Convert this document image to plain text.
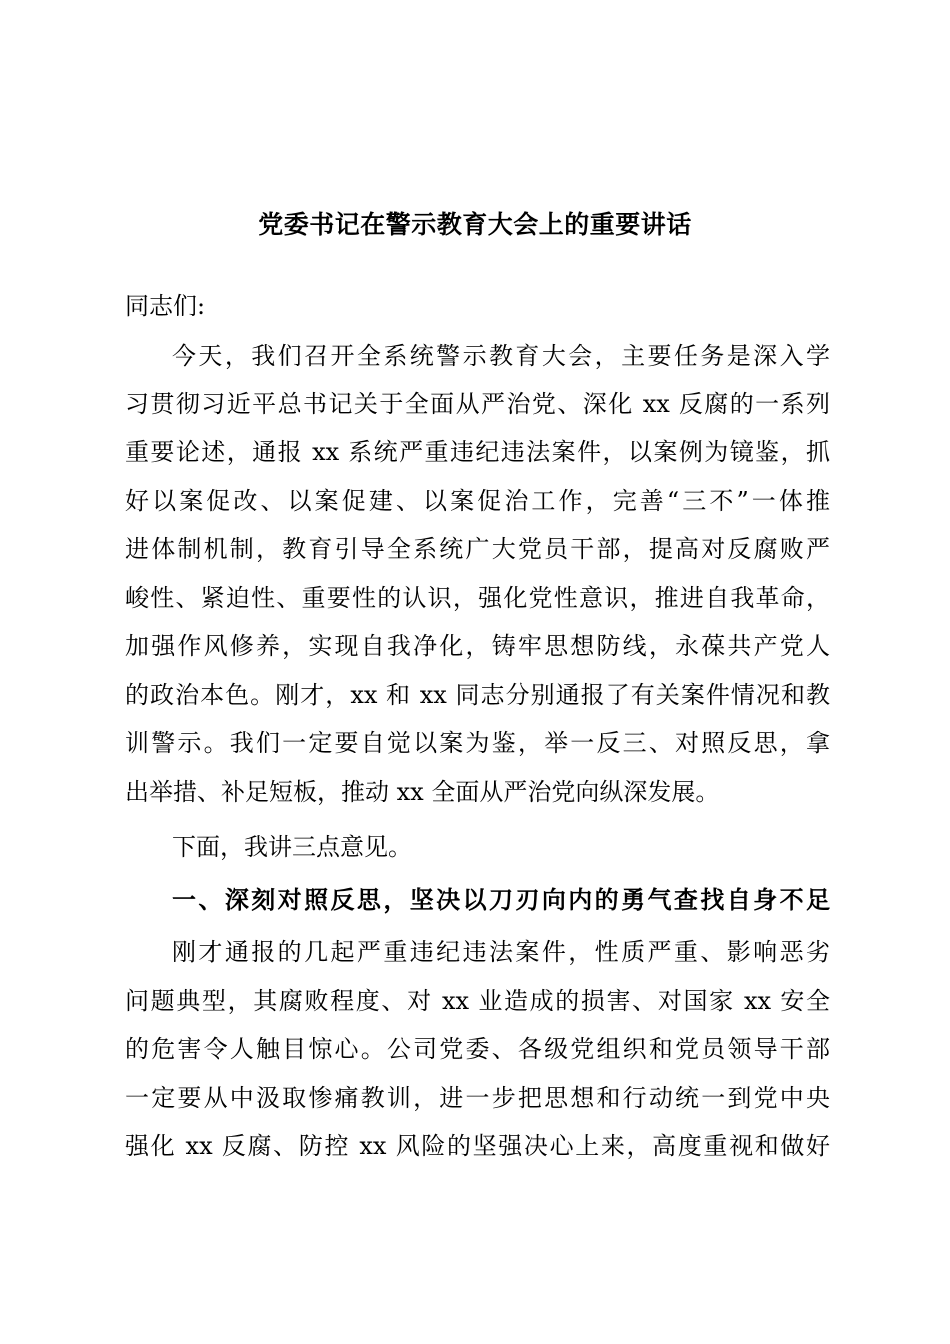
党委书记在警示教育大会上的重要讲话
同志们:
今天，我们召开全系统警示教育大会，主要任务是深入学
习贯彻习近平总书记关于全面从严治党、深化 xx 反腐的一系列
重要论述，通报 xx 系统严重违纪违法案件，以案例为镜鉴，抓
好以案促改、以案促建、以案促治工作，完善“三不”一体推
进体制机制，教育引导全系统广大党员干部，提高对反腐败严
峻性、紧迫性、重要性的认识，强化党性意识，推进自我革命，
加强作风修养，实现自我净化，铸牢思想防线，永葆共产党人
的政治本色。刚才，xx 和 xx 同志分别通报了有关案件情况和教
训警示。我们一定要自觉以案为鉴，举一反三、对照反思，拿
出举措、补足短板，推动 xx 全面从严治党向纵深发展。
下面，我讲三点意见。
一、深刻对照反思，坚决以刀刃向内的勇气查找自身不足
刚才通报的几起严重违纪违法案件，性质严重、影响恶劣
问题典型，其腐败程度、对 xx 业造成的损害、对国家 xx 安全
的危害令人触目惊心。公司党委、各级党组织和党员领导干部
一定要从中汲取惨痛教训，进一步把思想和行动统一到党中央
强化 xx 反腐、防控 xx 风险的坚强决心上来，高度重视和做好
